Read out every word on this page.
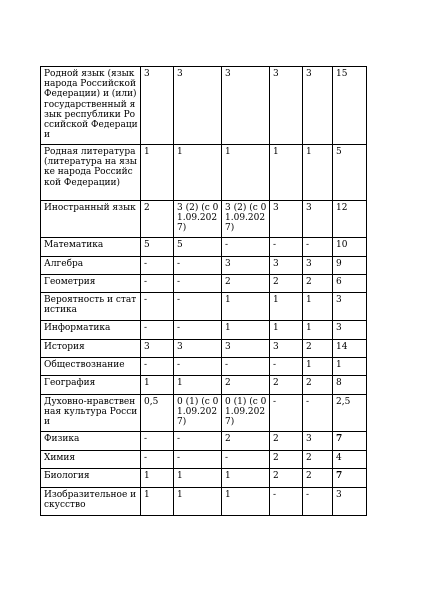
Родной язык (язык народа Российской Федерации) и (или) государственный язык республики Российской Федерации	3	3	3	3	3	15
Родная литература (литература на языке народа Российской Федерации)	1	1	1	1	1	5
Иностранный язык	2	3 (2) (с 01.09.2027)	3 (2) (с 01.09.2027)	3	3	12
Математика	5	5	-	-	-	10
Алгебра	-	-	3	3	3	9
Геометрия	-	-	2	2	2	6
Вероятность и статистика	-	-	1	1	1	3
Информатика	-	-	1	1	1	3
История	3	3	3	3	2	14
Обществознание	-	-	-	-	1	1
География	1	1	2	2	2	8
Духовно-нравственная культура России	0,5	0 (1) (с 01.09.2027)	0 (1) (с 01.09.2027)	-	-	2,5
Физика	-	-	2	2	3	7
Химия	-	-	-	2	2	4
Биология	1	1	1	2	2	7
Изобразительное искусство	1	1	1	-	-	3
